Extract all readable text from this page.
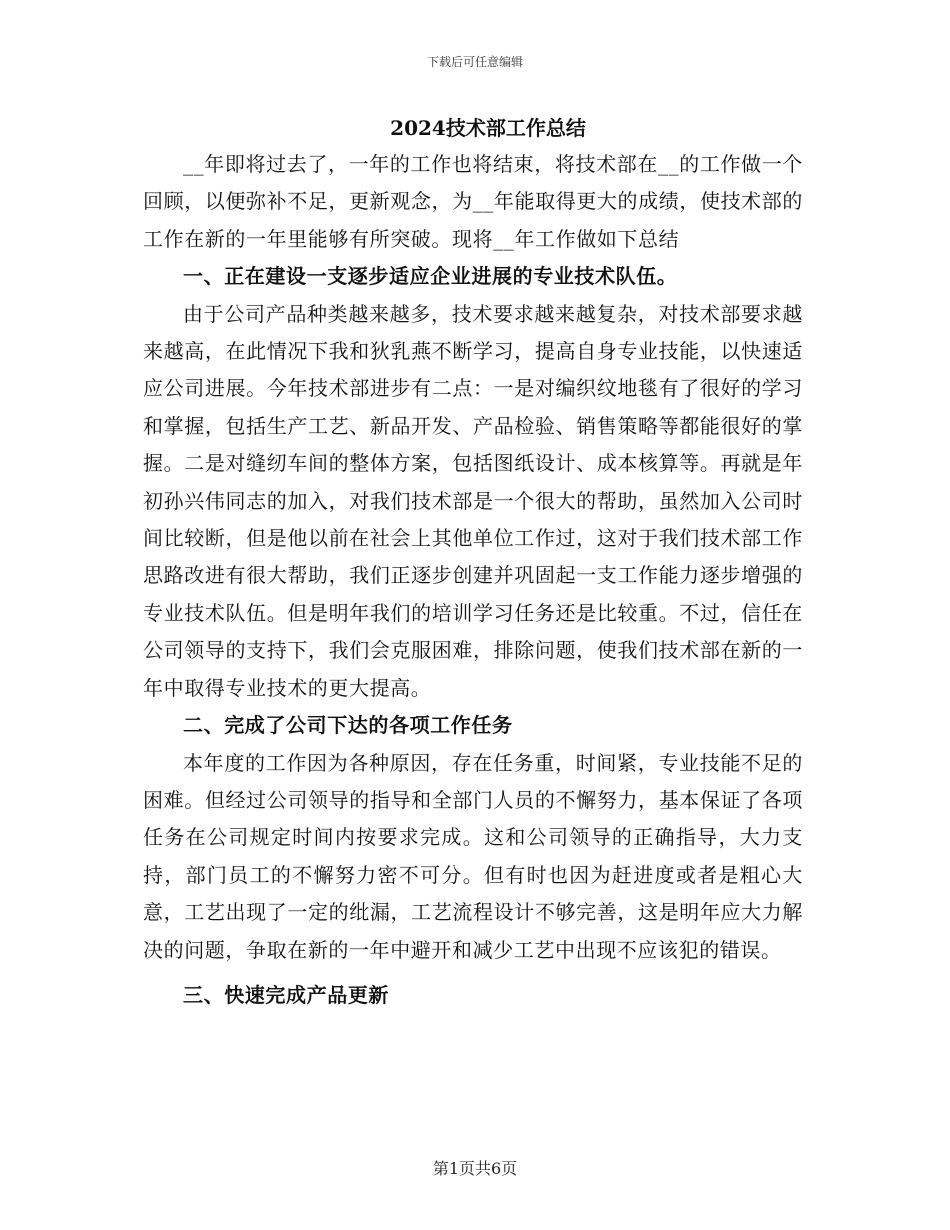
下载后可任意编辑
2024技术部工作总结

__年即将过去了，一年的工作也将结束，将技术部在__的工作做一个回顾，以便弥补不足，更新观念，为__年能取得更大的成绩，使技术部的工作在新的一年里能够有所突破。现将__年工作做如下总结

一、正在建设一支逐步适应企业进展的专业技术队伍。

由于公司产品种类越来越多，技术要求越来越复杂，对技术部要求越来越高，在此情况下我和狄乳燕不断学习，提高自身专业技能，以快速适应公司进展。今年技术部进步有二点：一是对编织纹地毯有了很好的学习和掌握，包括生产工艺、新品开发、产品检验、销售策略等都能很好的掌握。二是对缝纫车间的整体方案，包括图纸设计、成本核算等。再就是年初孙兴伟同志的加入，对我们技术部是一个很大的帮助，虽然加入公司时间比较断，但是他以前在社会上其他单位工作过，这对于我们技术部工作思路改进有很大帮助，我们正逐步创建并巩固起一支工作能力逐步增强的专业技术队伍。但是明年我们的培训学习任务还是比较重。不过，信任在公司领导的支持下，我们会克服困难，排除问题，使我们技术部在新的一年中取得专业技术的更大提高。

二、完成了公司下达的各项工作任务

本年度的工作因为各种原因，存在任务重，时间紧，专业技能不足的困难。但经过公司领导的指导和全部门人员的不懈努力，基本保证了各项任务在公司规定时间内按要求完成。这和公司领导的正确指导，大力支持，部门员工的不懈努力密不可分。但有时也因为赶进度或者是粗心大意，工艺出现了一定的纰漏，工艺流程设计不够完善，这是明年应大力解决的问题，争取在新的一年中避开和减少工艺中出现不应该犯的错误。

三、快速完成产品更新
第1页共6页
